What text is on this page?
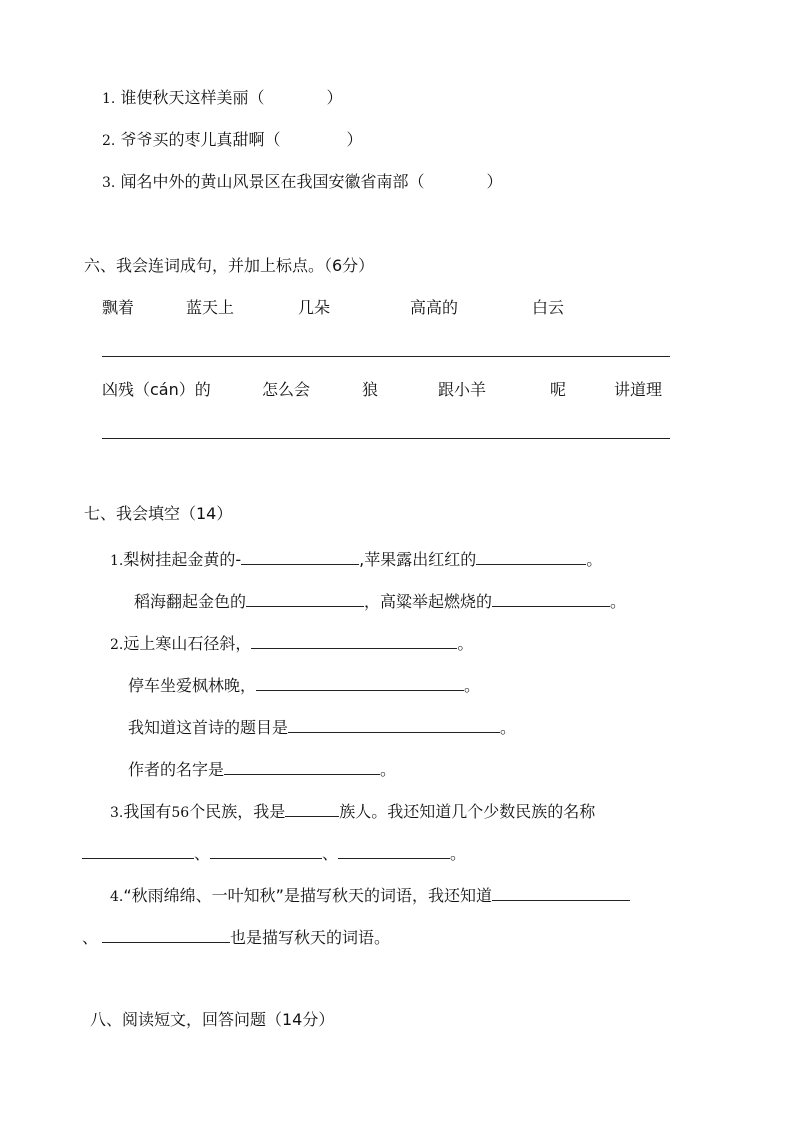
1. 谁使秋天这样美丽（	）
2. 爷爷买的枣儿真甜啊（	）
3. 闻名中外的黄山风景区在我国安徽省南部（	）
六、我会连词成句，并加上标点。（6分）
飘着	蓝天上	几朵	高高的	白云
凶残（cán）的	怎么会	狼	跟小羊	呢	讲道理
七、我会填空（14）
1.梨树挂起金黄的-	,苹果露出红红的	。
稻海翻起金色的	，高粱举起燃烧的	。
2.远上寒山石径斜，	。
停车坐爱枫林晚，	。
我知道这首诗的题目是	。
作者的名字是	。
3.我国有56个民族，我是	族人。我还知道几个少数民族的名称
、	、	。
4.“秋雨绵绵、一叶知秋”是描写秋天的词语，我还知道
、	也是描写秋天的词语。
八、阅读短文，回答问题（14分）
